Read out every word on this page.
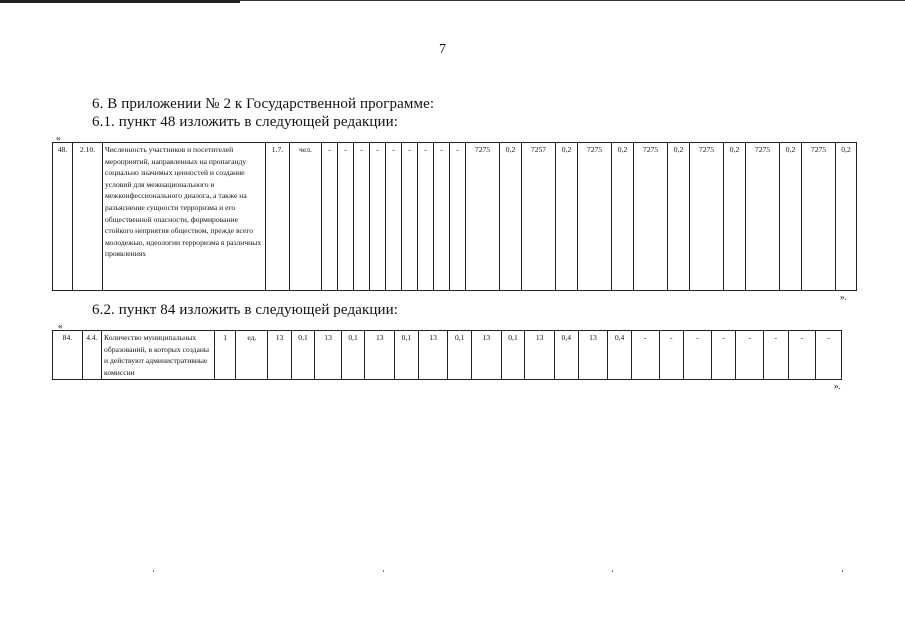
7
6. В приложении № 2 к Государственной программе:
6.1. пункт 48 изложить в следующей редакции:
«
48.	2.10.	Численность участников и посетителей мероприятий, направленных на пропаганду социально значимых ценностей и создание условий для межнационального и межконфессионального диалога, а также на разъяснение сущности терроризма и его общественной опасности, формирование стойкого неприятия обществом, прежде всего молодежью, идеологии терроризма в различных проявлениях	1.7.	чел.	-	-	-	-	-	-	-	-	-	7275	0,2	7257	0,2	7275	0,2	7275	0,2	7275	0,2	7275	0,2	7275	0,2
».
6.2. пункт 84 изложить в следующей редакции:
«
84.	4.4.	Количество муниципальных образований, в которых созданы и действуют административные комиссии	1	ед.	13	0,1	13	0,1	13	0,1	13	0,1	13	0,1	13	0,4	13	0,4	-	-	-	-	-	-	-	-
».
